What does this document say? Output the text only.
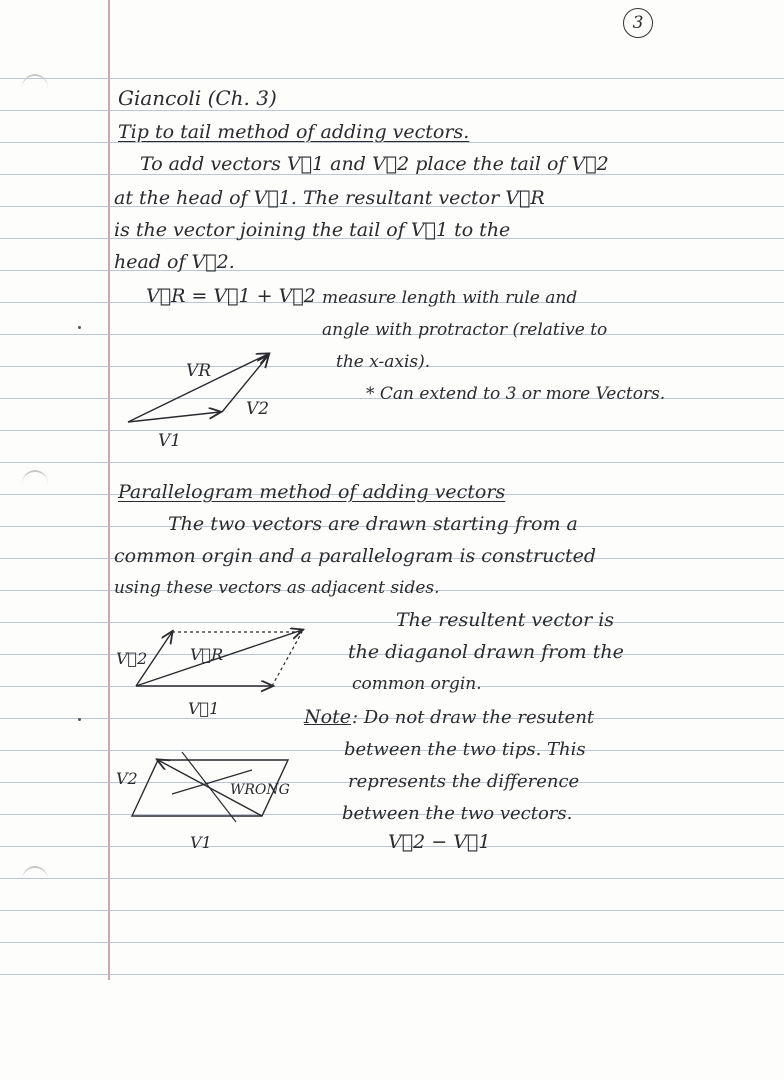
3
Giancoli (Ch. 3)
Tip to tail method of adding vectors.
To add vectors V⃗1 and V⃗2 place the tail of V⃗2
at the head of V⃗1. The resultant vector V⃗R
is the vector joining the tail of V⃗1 to the
head of V⃗2.
V⃗R = V⃗1 + V⃗2 measure length with rule and
angle with protractor (relative to
the x-axis).
* Can extend to 3 or more Vectors.
VR
V2
V1
Parallelogram method of adding vectors
The two vectors are drawn starting from a
common orgin and a parallelogram is constructed
using these vectors as adjacent sides.
The resultent vector is
the diaganol drawn from the
common orgin.
Note : Do not draw the resutent
between the two tips. This
represents the difference
between the two vectors.
V⃗2 − V⃗1
V⃗2	V⃗R
V⃗1
V2
WRONG
V1
